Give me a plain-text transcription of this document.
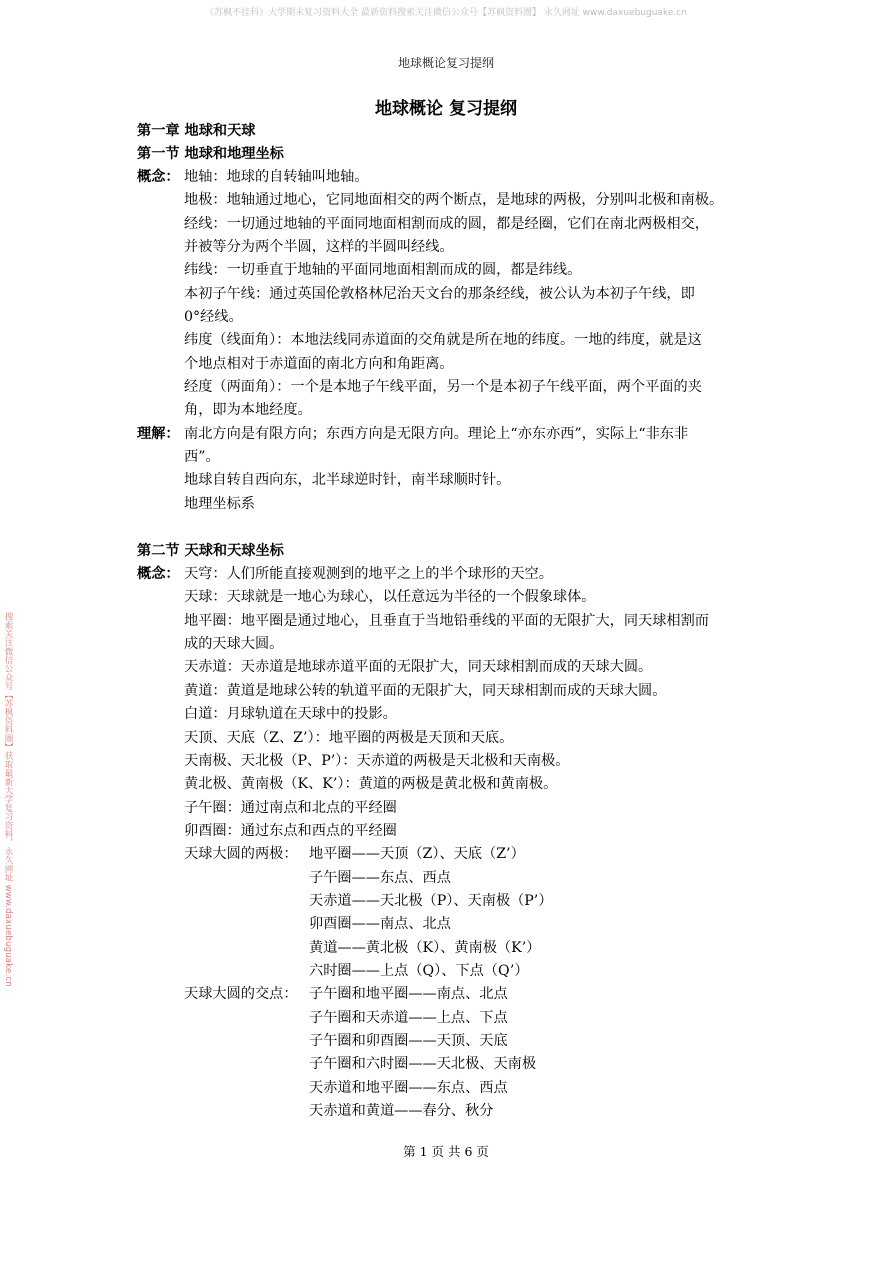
《苏枫不挂科》大学期末复习资料大全 最新资料搜索关注微信公众号【苏枫资料圈】 永久网址 www.daxuebuguake.cn
搜索关注微信公众号【苏枫资料圈】获取最新大学复习资料，永久网址 www.daxuebuguake.cn
地球概论复习提纲
地球概论 复习提纲
第一章 地球和天球
第一节 地球和地理坐标
概念： 地轴：地球的自转轴叫地轴。
地极：地轴通过地心，它同地面相交的两个断点，是地球的两极，分别叫北极和南极。
经线：一切通过地轴的平面同地面相割而成的圆，都是经圈，它们在南北两极相交，
并被等分为两个半圆，这样的半圆叫经线。
纬线：一切垂直于地轴的平面同地面相割而成的圆，都是纬线。
本初子午线：通过英国伦敦格林尼治天文台的那条经线，被公认为本初子午线，即
0°经线。
纬度（线面角）：本地法线同赤道面的交角就是所在地的纬度。一地的纬度，就是这
个地点相对于赤道面的南北方向和角距离。
经度（两面角）：一个是本地子午线平面，另一个是本初子午线平面，两个平面的夹
角，即为本地经度。
理解： 南北方向是有限方向；东西方向是无限方向。理论上“亦东亦西”，实际上“非东非
西”。
地球自转自西向东，北半球逆时针，南半球顺时针。
地理坐标系
第二节 天球和天球坐标
概念： 天穹：人们所能直接观测到的地平之上的半个球形的天空。
天球：天球就是一地心为球心，以任意远为半径的一个假象球体。
地平圈：地平圈是通过地心，且垂直于当地铅垂线的平面的无限扩大，同天球相割而
成的天球大圆。
天赤道：天赤道是地球赤道平面的无限扩大，同天球相割而成的天球大圆。
黄道：黄道是地球公转的轨道平面的无限扩大，同天球相割而成的天球大圆。
白道：月球轨道在天球中的投影。
天顶、天底（Z、Z’）：地平圈的两极是天顶和天底。
天南极、天北极（P、P’）：天赤道的两极是天北极和天南极。
黄北极、黄南极（K、K’）：黄道的两极是黄北极和黄南极。
子午圈：通过南点和北点的平经圈
卯酉圈：通过东点和西点的平经圈
天球大圆的两极： 地平圈——天顶（Z）、天底（Z’）
子午圈——东点、西点
天赤道——天北极（P）、天南极（P’）
卯酉圈——南点、北点
黄道——黄北极（K）、黄南极（K’）
六时圈——上点（Q）、下点（Q’）
天球大圆的交点： 子午圈和地平圈——南点、北点
子午圈和天赤道——上点、下点
子午圈和卯酉圈——天顶、天底
子午圈和六时圈——天北极、天南极
天赤道和地平圈——东点、西点
天赤道和黄道——春分、秋分
第 1 页 共 6 页
